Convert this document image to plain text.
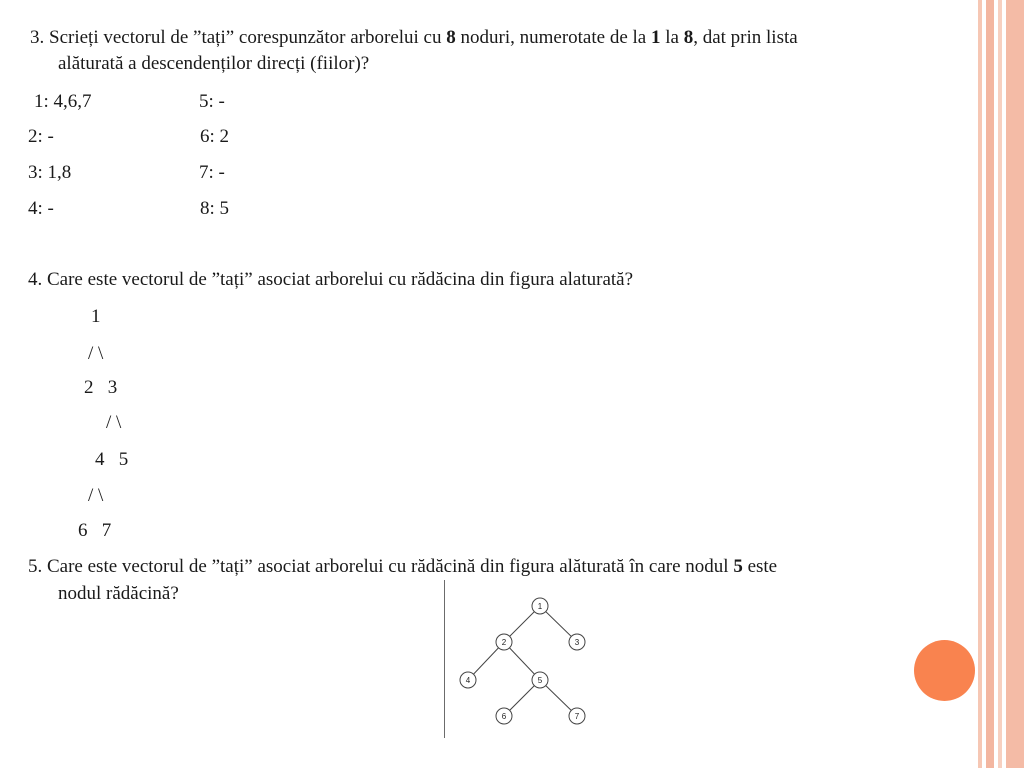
3. Scrieți vectorul de ”tați” corespunzător arborelui cu 8 noduri, numerotate de la 1 la 8, dat prin lista
alăturată a descendenților direcți (fiilor)?
1: 4,6,7	5: -
2: -	6: 2
3: 1,8	7: -
4: -	8: 5
4. Care este vectorul de ”tați” asociat arborelui cu rădăcina din figura alaturată?
1
/ \
2   3
/ \
4   5
/ \
6   7
5. Care este vectorul de ”tați” asociat arborelui cu rădăcină din figura alăturată în care nodul 5 este
nodul rădăcină?
1
2	3
4	5
6	7
